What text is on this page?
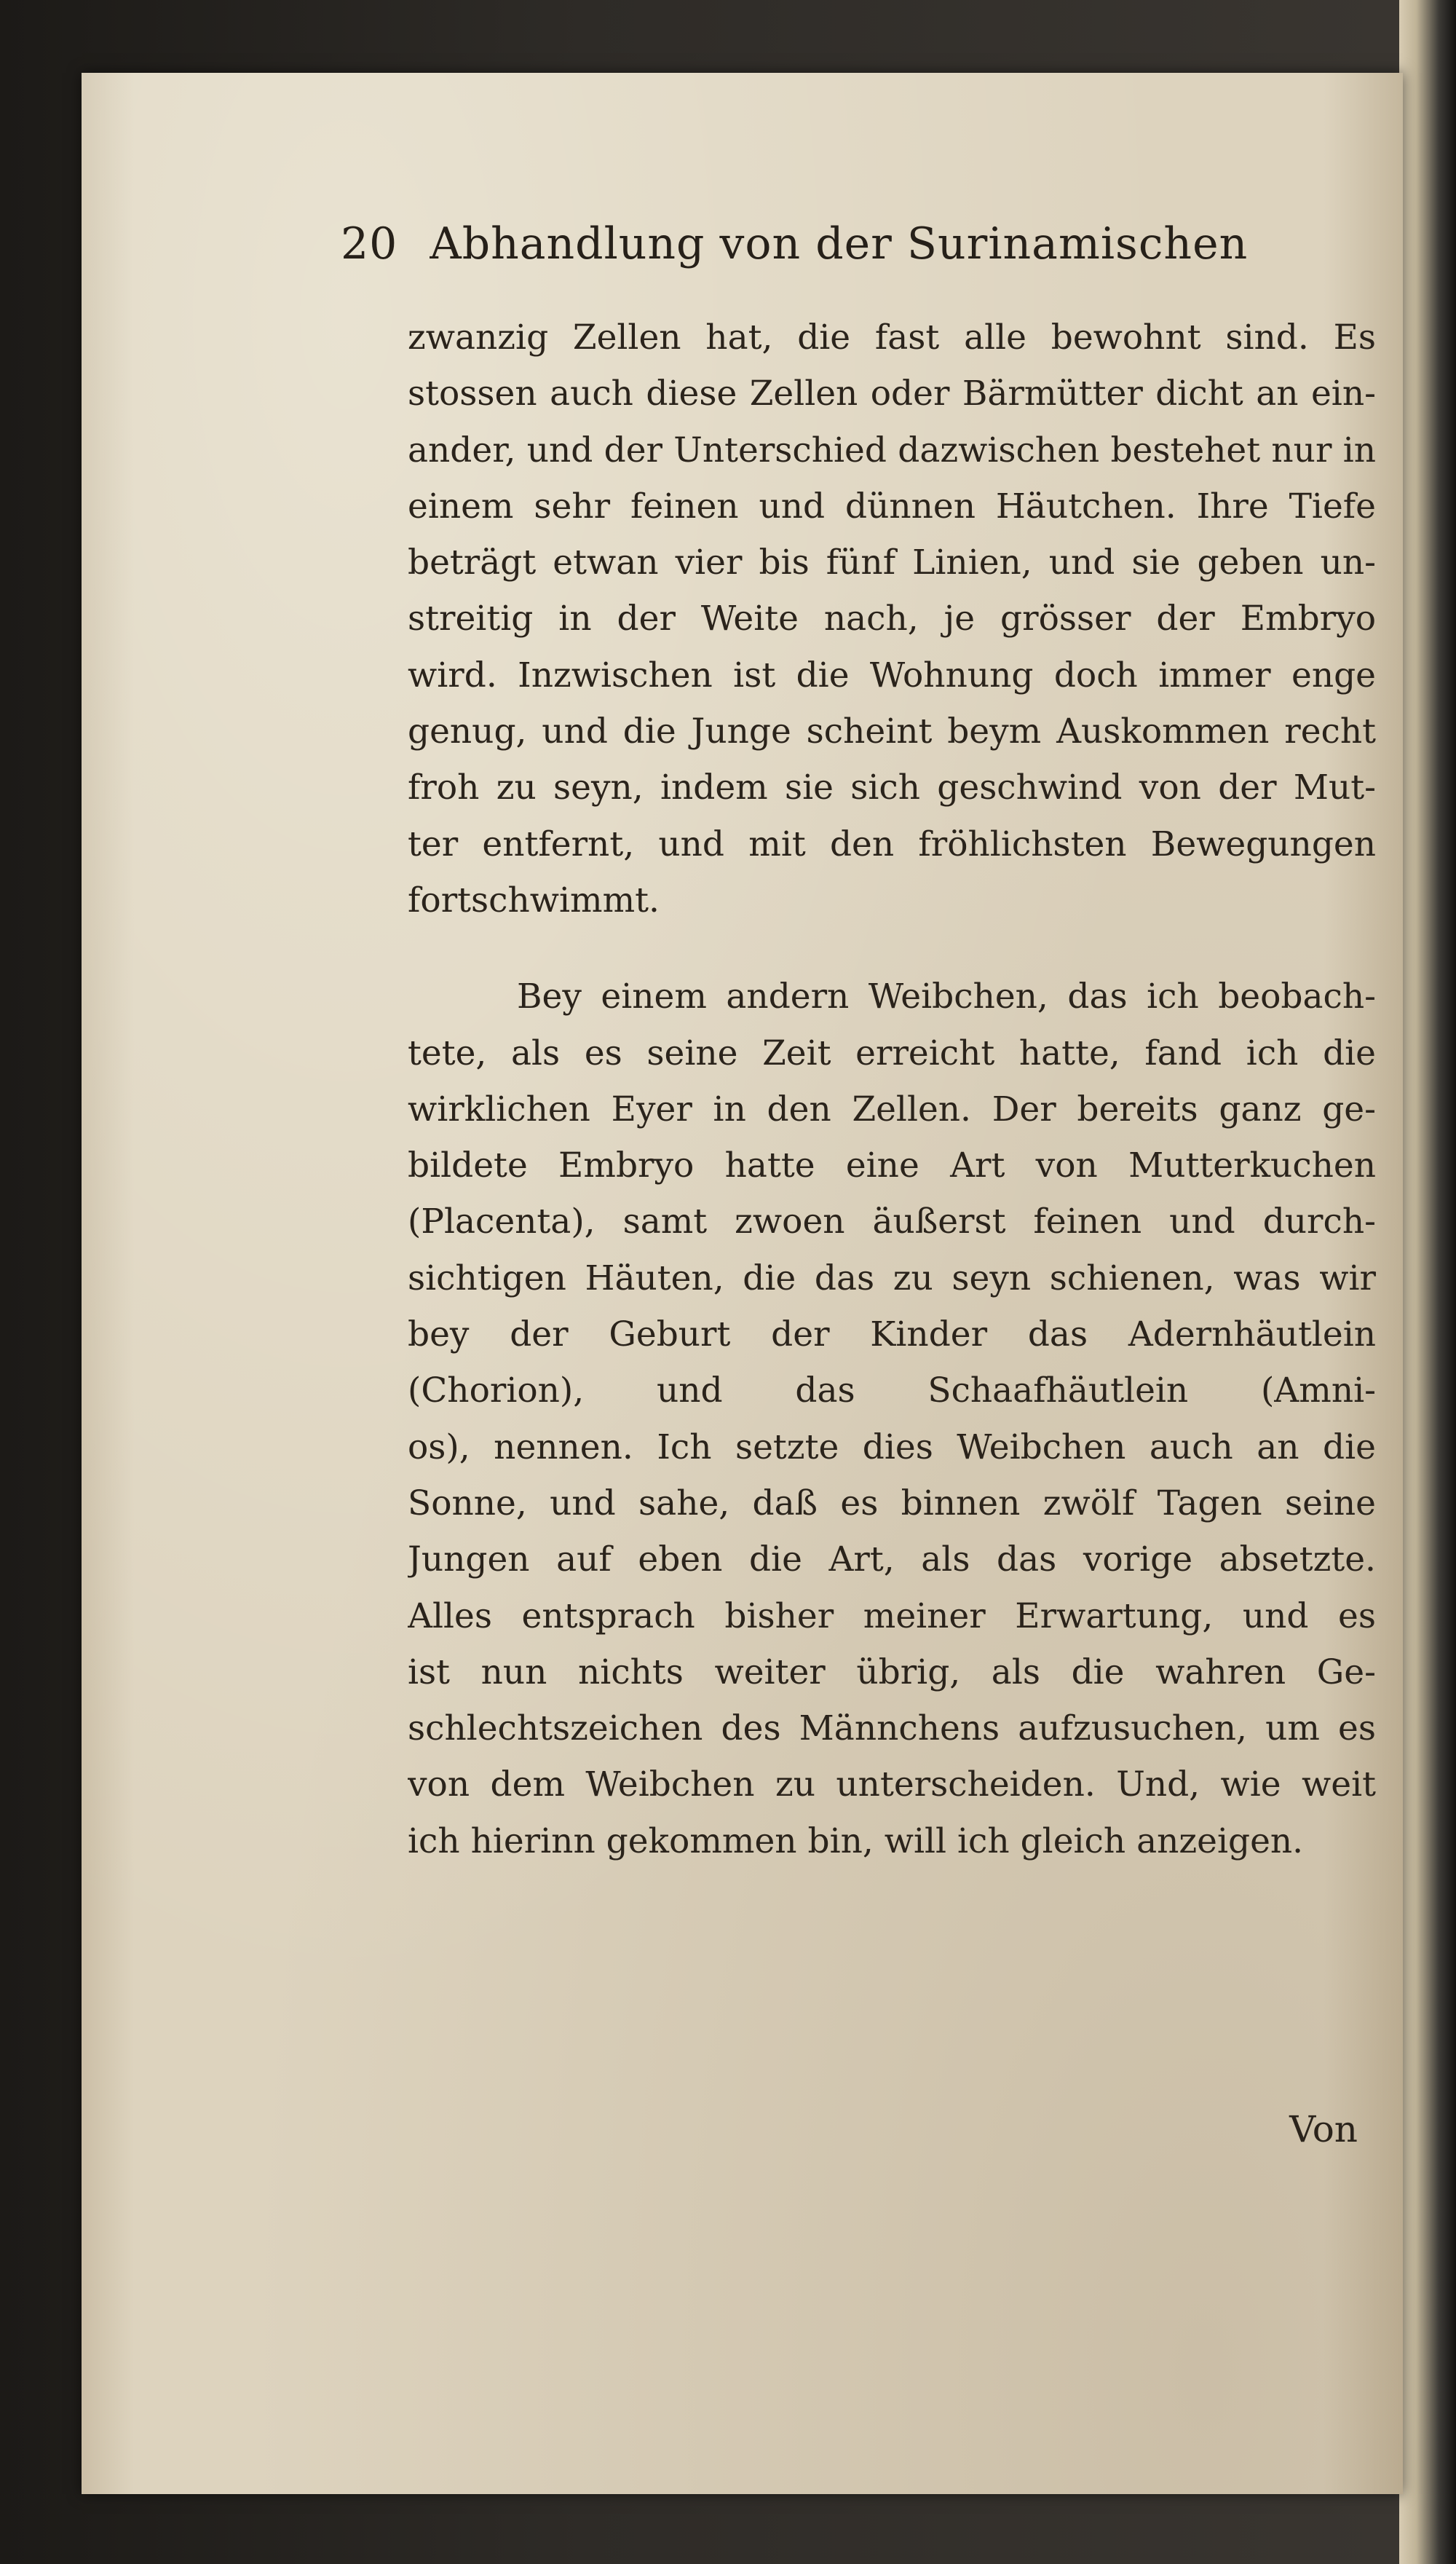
20 Abhandlung von der Surinamischen
zwanzig Zellen hat, die fast alle bewohnt sind. Es
stossen auch diese Zellen oder Bärmütter dicht an ein-
ander, und der Unterschied dazwischen bestehet nur in
einem sehr feinen und dünnen Häutchen. Ihre Tiefe
beträgt etwan vier bis fünf Linien, und sie geben un-
streitig in der Weite nach, je grösser der Embryo
wird. Inzwischen ist die Wohnung doch immer enge
genug, und die Junge scheint beym Auskommen recht
froh zu seyn, indem sie sich geschwind von der Mut-
ter entfernt, und mit den fröhlichsten Bewegungen
fortschwimmt.
Bey einem andern Weibchen, das ich beobach-
tete, als es seine Zeit erreicht hatte, fand ich die
wirklichen Eyer in den Zellen. Der bereits ganz ge-
bildete Embryo hatte eine Art von Mutterkuchen
(Placenta), samt zwoen äußerst feinen und durch-
sichtigen Häuten, die das zu seyn schienen, was wir
bey der Geburt der Kinder das Adernhäutlein
(Chorion), und das Schaafhäutlein (Amni-
os), nennen. Ich setzte dies Weibchen auch an die
Sonne, und sahe, daß es binnen zwölf Tagen seine
Jungen auf eben die Art, als das vorige absetzte.
Alles entsprach bisher meiner Erwartung, und es
ist nun nichts weiter übrig, als die wahren Ge-
schlechtszeichen des Männchens aufzusuchen, um es
von dem Weibchen zu unterscheiden. Und, wie weit
ich hierinn gekommen bin, will ich gleich anzeigen.
Von
